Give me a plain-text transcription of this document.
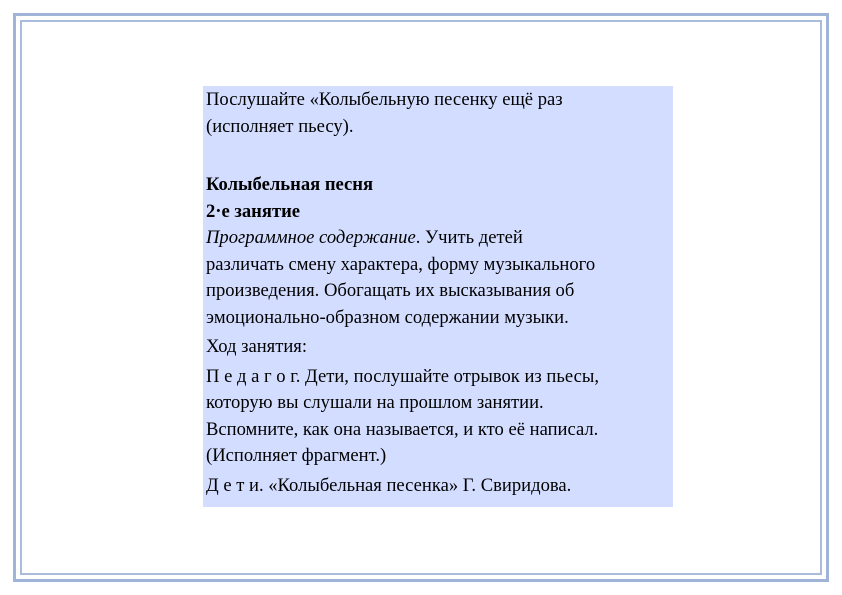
Послушайте «Колыбельную песенку ещё раз

(исполняет пьесу).

Колыбельная песня

2·е занятие

Программное содержание. Учить детей

различать смену характера, форму музыкального

произведения. Обогащать их высказывания об

эмоционально-образном содержании музыки.

Ход занятия:

П е д а г о г. Дети, послушайте отрывок из пьесы,

которую вы слушали на прошлом занятии.

Вспомните, как она называется, и кто её написал.

(Исполняет фрагмент.)

Д е т и. «Колыбельная песенка» Г. Свиридова.
